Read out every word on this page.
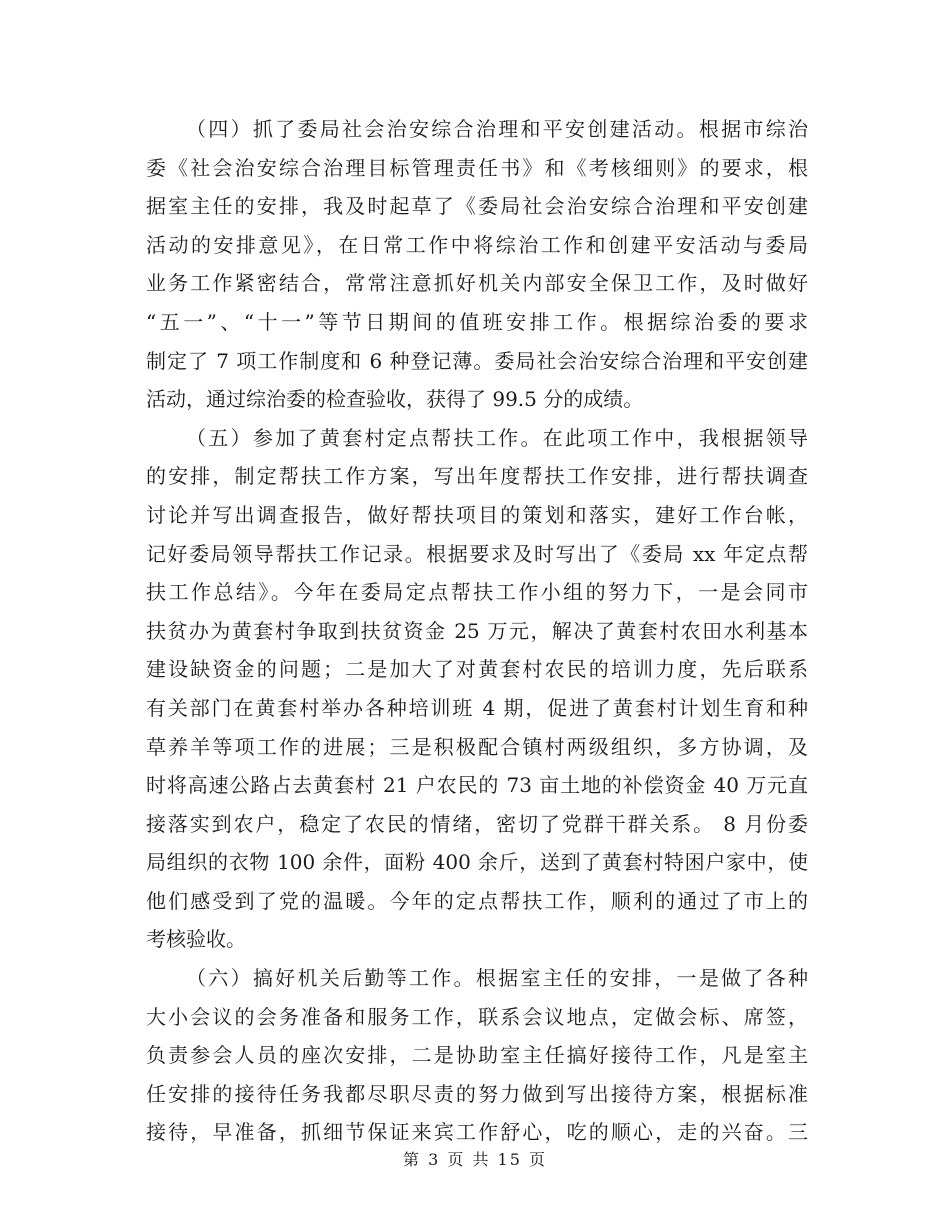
（四）抓了委局社会治安综合治理和平安创建活动。根据市综治
委《社会治安综合治理目标管理责任书》和《考核细则》的要求，根
据室主任的安排，我及时起草了《委局社会治安综合治理和平安创建
活动的安排意见》，在日常工作中将综治工作和创建平安活动与委局
业务工作紧密结合，常常注意抓好机关内部安全保卫工作，及时做好
“五一”、“十一”等节日期间的值班安排工作。根据综治委的要求
制定了 7 项工作制度和 6 种登记薄。委局社会治安综合治理和平安创建
活动，通过综治委的检查验收，获得了 99.5 分的成绩。
（五）参加了黄套村定点帮扶工作。在此项工作中，我根据领导
的安排，制定帮扶工作方案，写出年度帮扶工作安排，进行帮扶调查
讨论并写出调查报告，做好帮扶项目的策划和落实，建好工作台帐，
记好委局领导帮扶工作记录。根据要求及时写出了《委局 xx 年定点帮
扶工作总结》。今年在委局定点帮扶工作小组的努力下，一是会同市
扶贫办为黄套村争取到扶贫资金 25 万元，解决了黄套村农田水利基本
建设缺资金的问题；二是加大了对黄套村农民的培训力度，先后联系
有关部门在黄套村举办各种培训班 4 期，促进了黄套村计划生育和种
草养羊等项工作的进展；三是积极配合镇村两级组织，多方协调，及
时将高速公路占去黄套村 21 户农民的 73 亩土地的补偿资金 40 万元直
接落实到农户，稳定了农民的情绪，密切了党群干群关系。 8 月份委
局组织的衣物 100 余件，面粉 400 余斤，送到了黄套村特困户家中，使
他们感受到了党的温暖。今年的定点帮扶工作，顺利的通过了市上的
考核验收。
（六）搞好机关后勤等工作。根据室主任的安排，一是做了各种
大小会议的会务准备和服务工作，联系会议地点，定做会标、席签，
负责参会人员的座次安排，二是协助室主任搞好接待工作，凡是室主
任安排的接待任务我都尽职尽责的努力做到写出接待方案，根据标准
接待，早准备，抓细节保证来宾工作舒心，吃的顺心，走的兴奋。三
第 3 页 共 15 页
